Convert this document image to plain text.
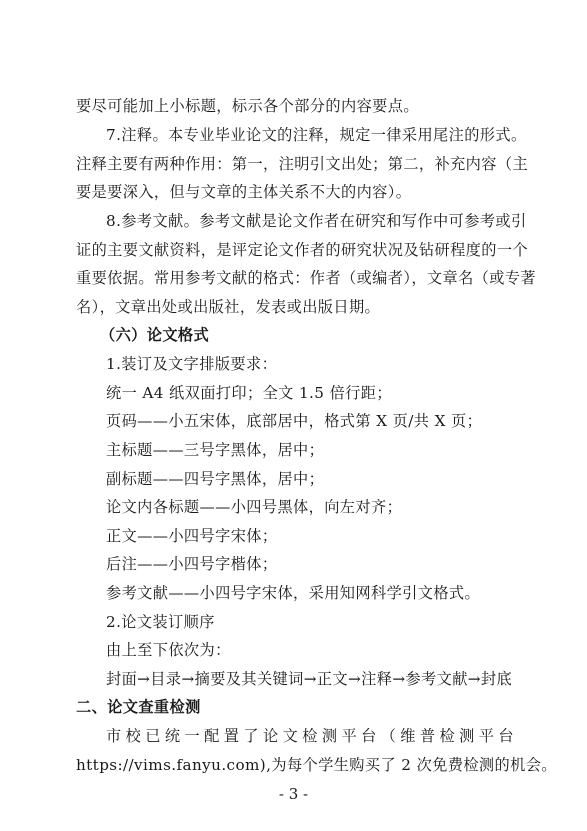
要尽可能加上小标题，标示各个部分的内容要点。
7.注释。本专业毕业论文的注释，规定一律采用尾注的形式。
注释主要有两种作用：第一，注明引文出处；第二，补充内容（主
要是要深入，但与文章的主体关系不大的内容）。
8.参考文献。参考文献是论文作者在研究和写作中可参考或引
证的主要文献资料，是评定论文作者的研究状况及钻研程度的一个
重要依据。常用参考文献的格式：作者（或编者），文章名（或专著
名），文章出处或出版社，发表或出版日期。
（六）论文格式
1.装订及文字排版要求：
统一 A4 纸双面打印；全文 1.5 倍行距；
页码——小五宋体，底部居中，格式第 X 页/共 X 页；
主标题——三号字黑体，居中；
副标题——四号字黑体，居中；
论文内各标题——小四号黑体，向左对齐；
正文——小四号字宋体；
后注——小四号字楷体；
参考文献——小四号字宋体，采用知网科学引文格式。
2.论文装订顺序
由上至下依次为：
封面→目录→摘要及其关键词→正文→注释→参考文献→封底
二、论文查重检测
市校已统一配置了论文检测平台（维普检测平台
https://vims.fanyu.com),为每个学生购买了 2 次免费检测的机会。
- 3 -
